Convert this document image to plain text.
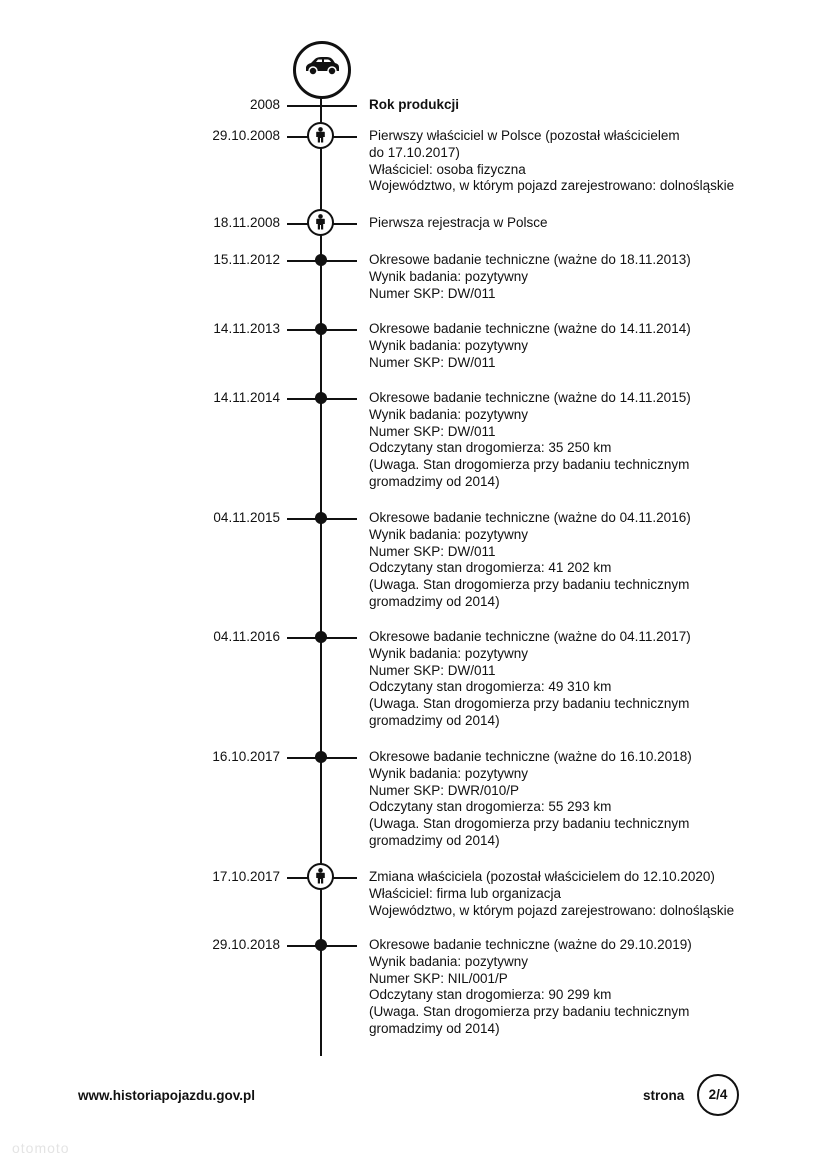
2008	Rok produkcji
29.10.2008	Pierwszy właściciel w Polsce (pozostał właścicielem
do 17.10.2017)
Właściciel: osoba fizyczna
Województwo, w którym pojazd zarejestrowano: dolnośląskie
18.11.2008	Pierwsza rejestracja w Polsce
15.11.2012	Okresowe badanie techniczne (ważne do 18.11.2013)
Wynik badania: pozytywny
Numer SKP: DW/011
14.11.2013	Okresowe badanie techniczne (ważne do 14.11.2014)
Wynik badania: pozytywny
Numer SKP: DW/011
14.11.2014	Okresowe badanie techniczne (ważne do 14.11.2015)
Wynik badania: pozytywny
Numer SKP: DW/011
Odczytany stan drogomierza: 35 250 km
(Uwaga. Stan drogomierza przy badaniu technicznym
gromadzimy od 2014)
04.11.2015	Okresowe badanie techniczne (ważne do 04.11.2016)
Wynik badania: pozytywny
Numer SKP: DW/011
Odczytany stan drogomierza: 41 202 km
(Uwaga. Stan drogomierza przy badaniu technicznym
gromadzimy od 2014)
04.11.2016	Okresowe badanie techniczne (ważne do 04.11.2017)
Wynik badania: pozytywny
Numer SKP: DW/011
Odczytany stan drogomierza: 49 310 km
(Uwaga. Stan drogomierza przy badaniu technicznym
gromadzimy od 2014)
16.10.2017	Okresowe badanie techniczne (ważne do 16.10.2018)
Wynik badania: pozytywny
Numer SKP: DWR/010/P
Odczytany stan drogomierza: 55 293 km
(Uwaga. Stan drogomierza przy badaniu technicznym
gromadzimy od 2014)
17.10.2017	Zmiana właściciela (pozostał właścicielem do 12.10.2020)
Właściciel: firma lub organizacja
Województwo, w którym pojazd zarejestrowano: dolnośląskie
29.10.2018	Okresowe badanie techniczne (ważne do 29.10.2019)
Wynik badania: pozytywny
Numer SKP: NIL/001/P
Odczytany stan drogomierza: 90 299 km
(Uwaga. Stan drogomierza przy badaniu technicznym
gromadzimy od 2014)
www.historiapojazdu.gov.pl	strona	2/4
otomoto
